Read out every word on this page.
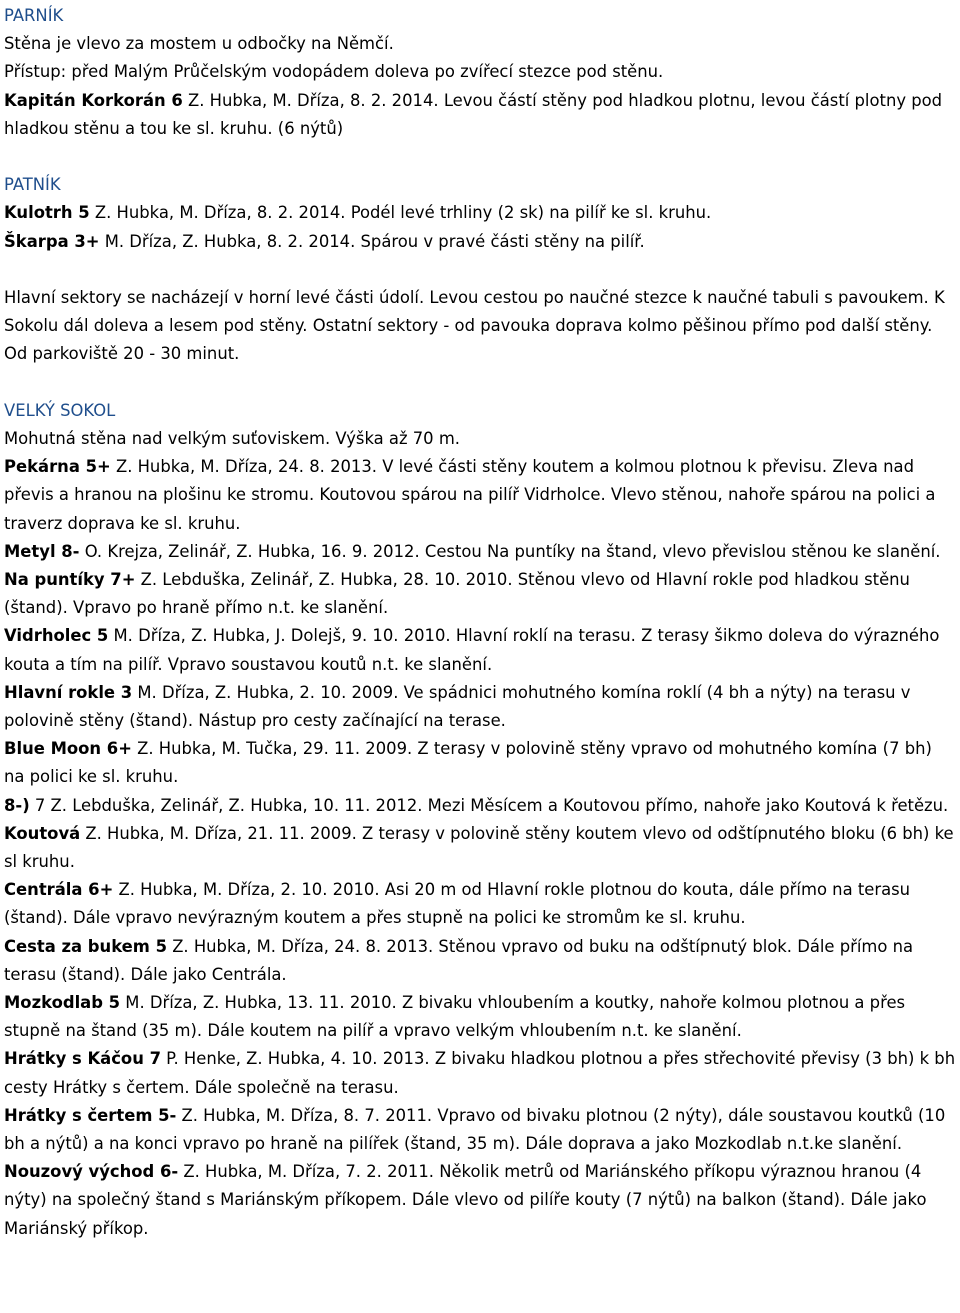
PARNÍK
Stěna je vlevo za mostem u odbočky na Němčí.
Přístup: před Malým Průčelským vodopádem doleva po zvířecí stezce pod stěnu.

Kapitán Korkorán 6 Z. Hubka, M. Dříza, 8. 2. 2014. Levou částí stěny pod hladkou plotnu, levou částí plotny pod hladkou stěnu a tou ke sl. kruhu. (6 nýtů)

PATNÍK

Kulotrh 5 Z. Hubka, M. Dříza, 8. 2. 2014. Podél levé trhliny (2 sk) na pilíř ke sl. kruhu.

Škarpa 3+ M. Dříza, Z. Hubka, 8. 2. 2014. Spárou v pravé části stěny na pilíř.

Hlavní sektory se nacházejí v horní levé části údolí. Levou cestou po naučné stezce k naučné tabuli s pavoukem. K Sokolu dál doleva a lesem pod stěny. Ostatní sektory - od pavouka doprava kolmo pěšinou přímo pod další stěny. Od parkoviště 20 - 30 minut.

VELKÝ SOKOL
Mohutná stěna nad velkým suťoviskem. Výška až 70 m.

Pekárna 5+ Z. Hubka, M. Dříza, 24. 8. 2013. V levé části stěny koutem a kolmou plotnou k převisu. Zleva nad převis a hranou na plošinu ke stromu. Koutovou spárou na pilíř Vidrholce. Vlevo stěnou, nahoře spárou na polici a traverz doprava ke sl. kruhu.

Metyl 8- O. Krejza, Zelinář, Z. Hubka, 16. 9. 2012. Cestou Na puntíky na štand, vlevo převislou stěnou ke slanění.

Na puntíky 7+ Z. Lebduška, Zelinář, Z. Hubka, 28. 10. 2010. Stěnou vlevo od Hlavní rokle pod hladkou stěnu (štand). Vpravo po hraně přímo n.t. ke slanění.

Vidrholec 5 M. Dříza, Z. Hubka, J. Dolejš, 9. 10. 2010. Hlavní roklí na terasu. Z terasy šikmo doleva do výrazného kouta a tím na pilíř. Vpravo soustavou koutů n.t. ke slanění.

Hlavní rokle 3 M. Dříza, Z. Hubka, 2. 10. 2009. Ve spádnici mohutného komína roklí (4 bh a nýty) na terasu v polovině stěny (štand). Nástup pro cesty začínající na terase.

Blue Moon 6+ Z. Hubka, M. Tučka, 29. 11. 2009. Z terasy v polovině stěny vpravo od mohutného komína (7 bh) na polici ke sl. kruhu.

8-) 7 Z. Lebduška, Zelinář, Z. Hubka, 10. 11. 2012. Mezi Měsícem a Koutovou přímo, nahoře jako Koutová k řetězu.

Koutová Z. Hubka, M. Dříza, 21. 11. 2009. Z terasy v polovině stěny koutem vlevo od odštípnutého bloku (6 bh) ke sl kruhu.

Centrála 6+ Z. Hubka, M. Dříza, 2. 10. 2010. Asi 20 m od Hlavní rokle plotnou do kouta, dále přímo na terasu (štand). Dále vpravo nevýrazným koutem a přes stupně na polici ke stromům ke sl. kruhu.

Cesta za bukem 5 Z. Hubka, M. Dříza, 24. 8. 2013. Stěnou vpravo od buku na odštípnutý blok. Dále přímo na terasu (štand). Dále jako Centrála.

Mozkodlab 5 M. Dříza, Z. Hubka, 13. 11. 2010. Z bivaku vhloubením a koutky, nahoře kolmou plotnou a přes stupně na štand (35 m). Dále koutem na pilíř a vpravo velkým vhloubením n.t. ke slanění.

Hrátky s Káčou 7 P. Henke, Z. Hubka, 4. 10. 2013. Z bivaku hladkou plotnou a přes střechovité převisy (3 bh) k bh cesty Hrátky s čertem. Dále společně na terasu.

Hrátky s čertem 5- Z. Hubka, M. Dříza, 8. 7. 2011. Vpravo od bivaku plotnou (2 nýty), dále soustavou koutků (10 bh a nýtů) a na konci vpravo po hraně na pilířek (štand, 35 m). Dále doprava a jako Mozkodlab n.t.ke slanění.

Nouzový východ 6- Z. Hubka, M. Dříza, 7. 2. 2011. Několik metrů od Mariánského příkopu výraznou hranou (4 nýty) na společný štand s Mariánským příkopem. Dále vlevo od pilíře kouty (7 nýtů) na balkon (štand). Dále jako Mariánský příkop.
